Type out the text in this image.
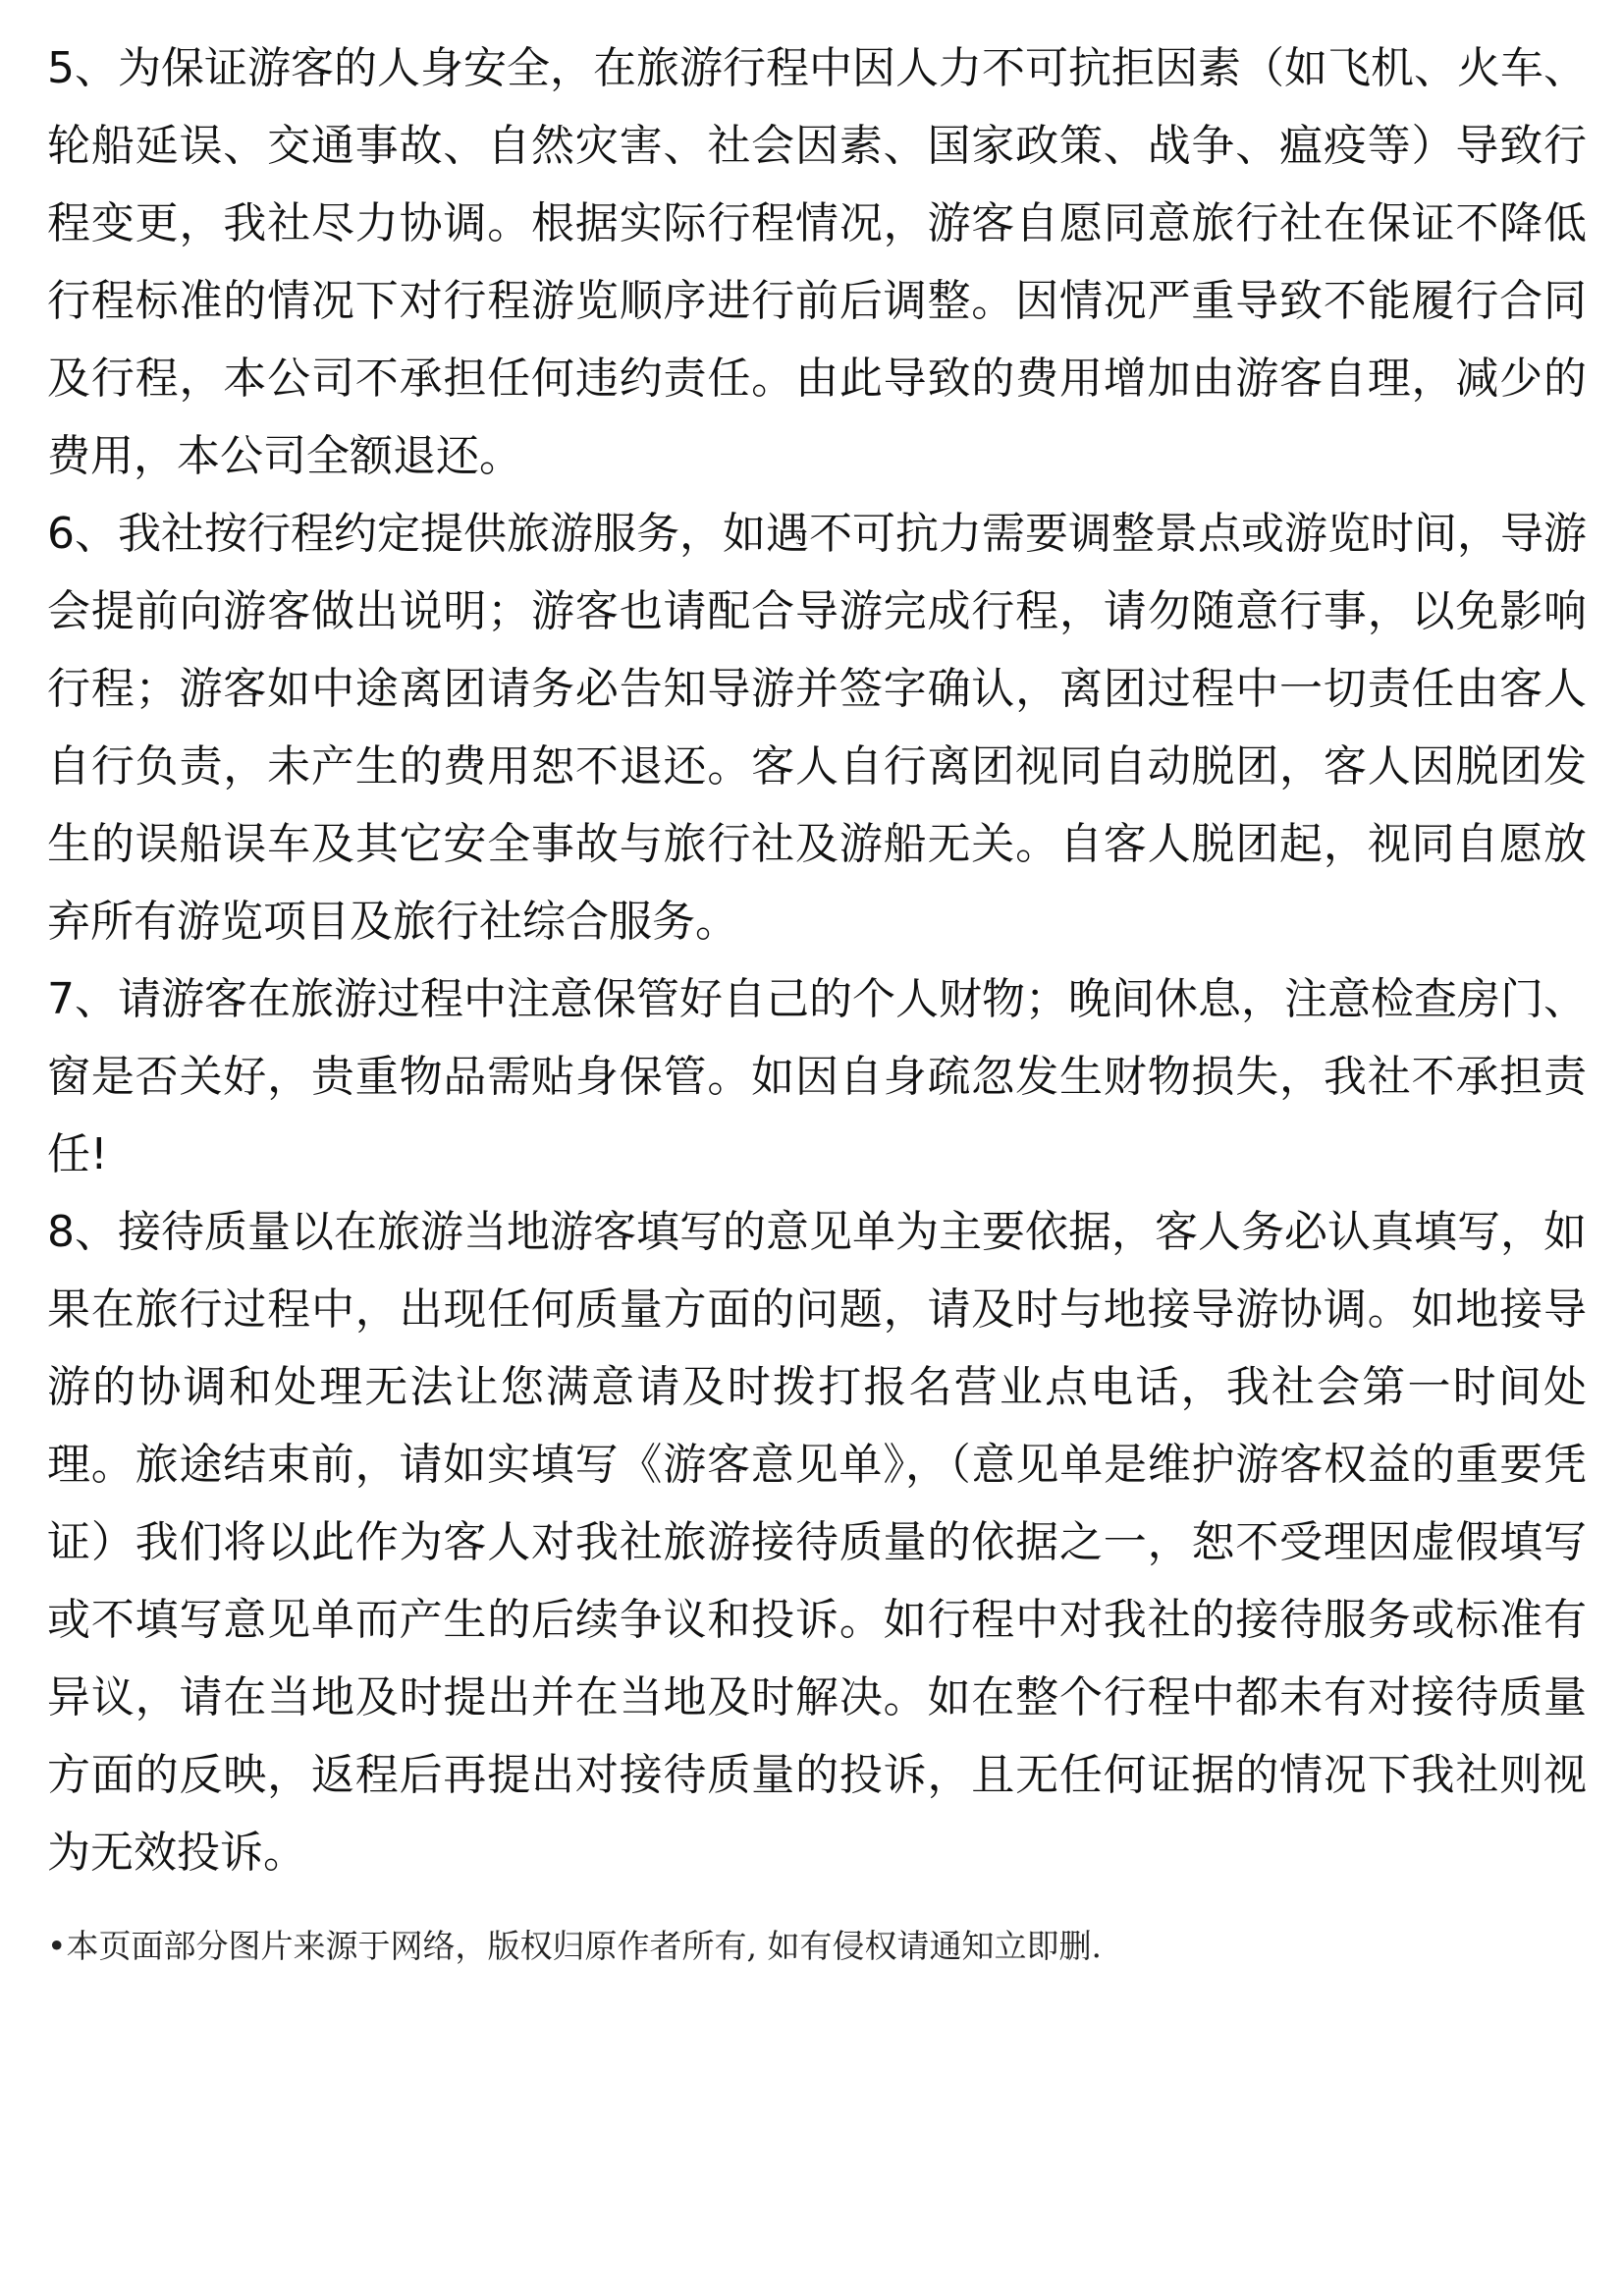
5、为保证游客的人身安全，在旅游行程中因人力不可抗拒因素（如飞机、火车、轮船延误、交通事故、自然灾害、社会因素、国家政策、战争、瘟疫等）导致行程变更，我社尽力协调。根据实际行程情况，游客自愿同意旅行社在保证不降低行程标准的情况下对行程游览顺序进行前后调整。因情况严重导致不能履行合同及行程，本公司不承担任何违约责任。由此导致的费用增加由游客自理，减少的费用，本公司全额退还。

6、我社按行程约定提供旅游服务，如遇不可抗力需要调整景点或游览时间，导游会提前向游客做出说明；游客也请配合导游完成行程，请勿随意行事，以免影响行程；游客如中途离团请务必告知导游并签字确认，离团过程中一切责任由客人自行负责，未产生的费用恕不退还。客人自行离团视同自动脱团，客人因脱团发生的误船误车及其它安全事故与旅行社及游船无关。自客人脱团起，视同自愿放弃所有游览项目及旅行社综合服务。

7、请游客在旅游过程中注意保管好自己的个人财物；晚间休息，注意检查房门、窗是否关好，贵重物品需贴身保管。如因自身疏忽发生财物损失，我社不承担责任!

8、接待质量以在旅游当地游客填写的意见单为主要依据，客人务必认真填写，如果在旅行过程中，出现任何质量方面的问题，请及时与地接导游协调。如地接导游的协调和处理无法让您满意请及时拨打报名营业点电话，我社会第一时间处理。旅途结束前，请如实填写《游客意见单》，（意见单是维护游客权益的重要凭证）我们将以此作为客人对我社旅游接待质量的依据之一，恕不受理因虚假填写或不填写意见单而产生的后续争议和投诉。如行程中对我社的接待服务或标准有异议，请在当地及时提出并在当地及时解决。如在整个行程中都未有对接待质量方面的反映，返程后再提出对接待质量的投诉，且无任何证据的情况下我社则视为无效投诉。

•本页面部分图片来源于网络，版权归原作者所有, 如有侵权请通知立即删.
